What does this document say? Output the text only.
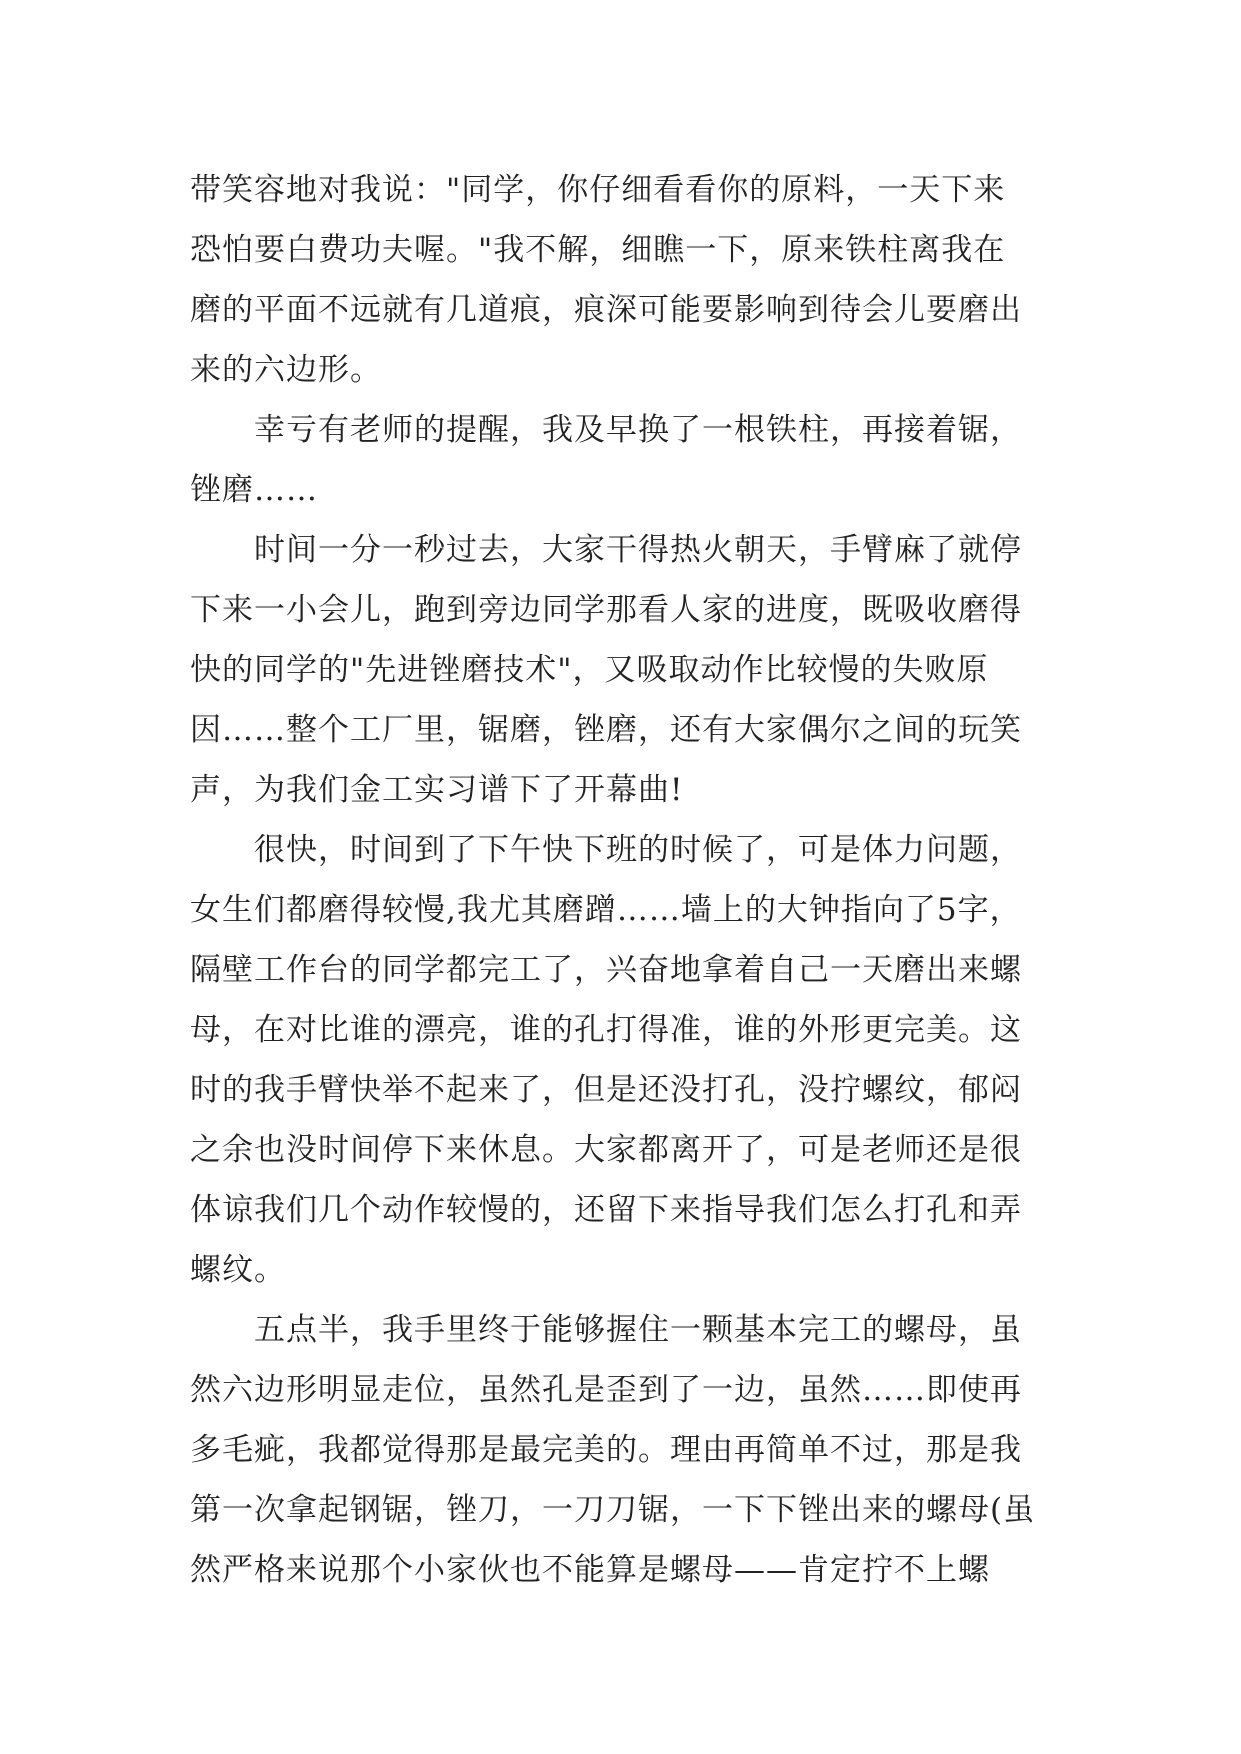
带笑容地对我说："同学，你仔细看看你的原料，一天下来
恐怕要白费功夫喔。"我不解，细瞧一下，原来铁柱离我在
磨的平面不远就有几道痕，痕深可能要影响到待会儿要磨出
来的六边形。
幸亏有老师的提醒，我及早换了一根铁柱，再接着锯，
锉磨……
时间一分一秒过去，大家干得热火朝天，手臂麻了就停
下来一小会儿，跑到旁边同学那看人家的进度，既吸收磨得
快的同学的"先进锉磨技术"，又吸取动作比较慢的失败原
因……整个工厂里，锯磨，锉磨，还有大家偶尔之间的玩笑
声，为我们金工实习谱下了开幕曲!
很快，时间到了下午快下班的时候了，可是体力问题，
女生们都磨得较慢,我尤其磨蹭……墙上的大钟指向了5字，
隔壁工作台的同学都完工了，兴奋地拿着自己一天磨出来螺
母，在对比谁的漂亮，谁的孔打得准，谁的外形更完美。这
时的我手臂快举不起来了，但是还没打孔，没拧螺纹，郁闷
之余也没时间停下来休息。大家都离开了，可是老师还是很
体谅我们几个动作较慢的，还留下来指导我们怎么打孔和弄
螺纹。
五点半，我手里终于能够握住一颗基本完工的螺母，虽
然六边形明显走位，虽然孔是歪到了一边，虽然……即使再
多毛疵，我都觉得那是最完美的。理由再简单不过，那是我
第一次拿起钢锯，锉刀，一刀刀锯，一下下锉出来的螺母(虽
然严格来说那个小家伙也不能算是螺母——肯定拧不上螺
